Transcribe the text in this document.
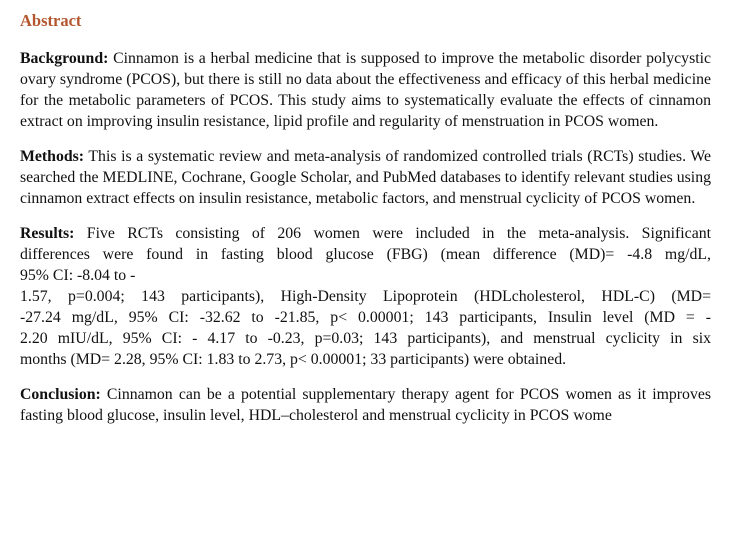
Abstract

Background: Cinnamon is a herbal medicine that is supposed to improve the metabolic disorder polycystic ovary syndrome (PCOS), but there is still no data about the effectiveness and efficacy of this herbal medicine for the metabolic parameters of PCOS. This study aims to systematically evaluate the effects of cinnamon extract on improving insulin resistance, lipid profile and regularity of menstruation in PCOS women.

Methods: This is a systematic review and meta-analysis of randomized controlled trials (RCTs) studies. We searched the MEDLINE, Cochrane, Google Scholar, and PubMed databases to identify relevant studies using cinnamon extract effects on insulin resistance, metabolic factors, and menstrual cyclicity of PCOS women.

Results: Five RCTs consisting of 206 women were included in the meta-analysis. Significant
differences were found in fasting blood glucose (FBG) (mean difference (MD)= -4.8 mg/dL,
95% CI: -8.04 to -
1.57, p=0.004; 143 participants), High-Density Lipoprotein (HDLcholesterol, HDL-C) (MD=
-27.24 mg/dL, 95% CI: -32.62 to -21.85, p< 0.00001; 143 participants, Insulin level (MD = -
2.20 mIU/dL, 95% CI: - 4.17 to -0.23, p=0.03; 143 participants), and menstrual cyclicity in six
months (MD= 2.28, 95% CI: 1.83 to 2.73, p< 0.00001; 33 participants) were obtained.

Conclusion: Cinnamon can be a potential supplementary therapy agent for PCOS women as it improves fasting blood glucose, insulin level, HDL–cholesterol and menstrual cyclicity in PCOS wome
